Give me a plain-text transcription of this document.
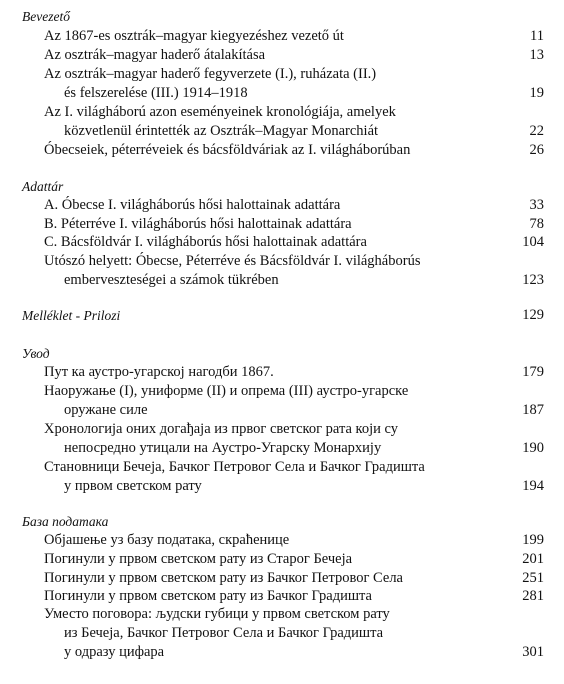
Bevezető
Az 1867-es osztrák–magyar kiegyezéshez vezető út	11
Az osztrák–magyar haderő átalakítása	13
Az osztrák–magyar haderő fegyverzete (I.), ruházata (II.)
és felszerelése (III.) 1914–1918	19
Az I. világháború azon eseményeinek kronológiája, amelyek
közvetlenül érintették az Osztrák–Magyar Monarchiát	22
Óbecseiek, péterréveiek és bácsföldváriak az I. világháborúban	26
Adattár
A. Óbecse I. világháborús hősi halottainak adattára	33
B. Péterréve I. világháborús hősi halottainak adattára	78
C. Bácsföldvár I. világháborús hősi halottainak adattára	104
Utószó helyett: Óbecse, Péterréve és Bácsföldvár I. világháborús
emberveszteségei a számok tükrében	123
Melléklet - Prilozi	129
Увод
Пут ка аустро-угарској нагодби 1867.	179
Наоружање (I), униформе (II) и опрема (III) аустро-угарске
оружане силе	187
Хронологија оних догађаја из првог светског рата који су
непосредно утицали на Аустро-Угарску Монархију	190
Становници Бечеја, Бачког Петровог Села и Бачког Градишта
у првом светском рату	194
База података
Објашење уз базу података, скраћенице	199
Погинули у првом светском рату из Старог Бечеја	201
Погинули у првом светском рату из Бачког Петровог Села	251
Погинули у првом светском рату из Бачког Градишта	281
Уместо поговора: људски губици у првом светском рату
из Бечеја, Бачког Петровог Села и Бачког Градишта
у одразу цифара	301
